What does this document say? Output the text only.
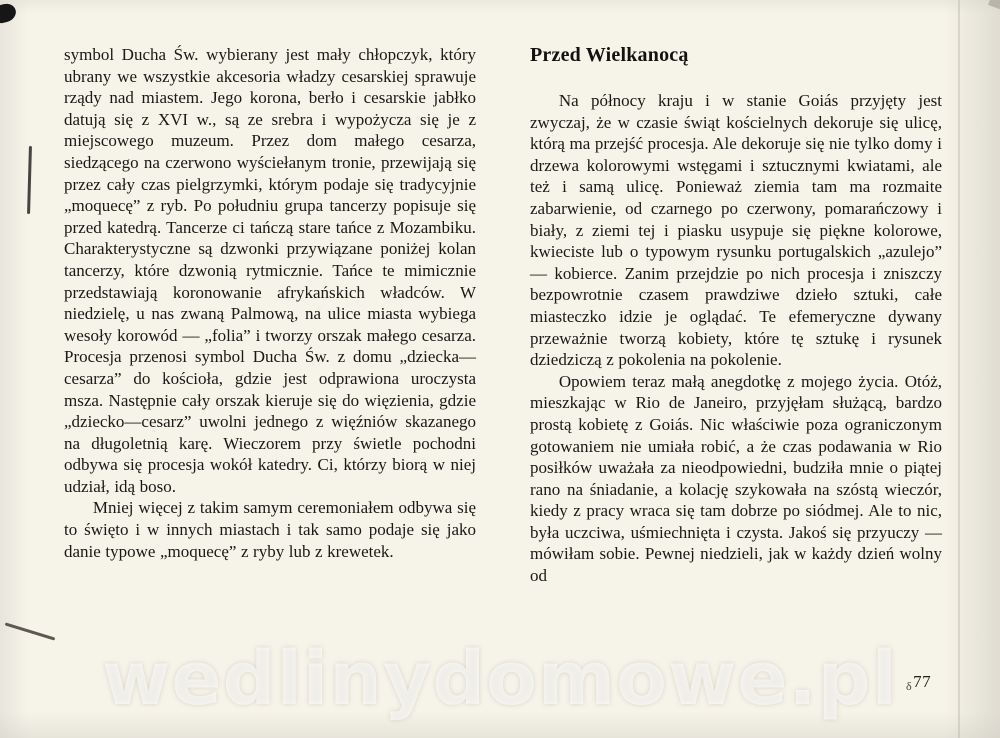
symbol Ducha Św. wybierany jest mały chłopczyk, który ubrany we wszystkie akcesoria władzy cesarskiej sprawuje rządy nad miastem. Jego korona, berło i cesarskie jabłko datują się z XVI w., są ze srebra i wypożycza się je z miejscowego muzeum. Przez dom małego cesarza, siedzącego na czerwono wyściełanym tronie, przewijają się przez cały czas pielgrzymki, którym podaje się tradycyjnie „moquecę” z ryb. Po południu grupa tancerzy popisuje się przed katedrą. Tancerze ci tańczą stare tańce z Mozambiku. Charakterystyczne są dzwonki przywiązane poniżej kolan tancerzy, które dzwonią rytmicznie. Tańce te mimicznie przedstawiają koronowanie afrykańskich władców. W niedzielę, u nas zwaną Palmową, na ulice miasta wybiega wesoły korowód — „folia” i tworzy orszak małego cesarza. Procesja przenosi symbol Ducha Św. z domu „dziecka—cesarza” do kościoła, gdzie jest odprawiona uroczysta msza. Następnie cały orszak kieruje się do więzienia, gdzie „dziecko—cesarz” uwolni jednego z więźniów skazanego na długoletnią karę. Wieczorem przy świetle pochodni odbywa się procesja wokół katedry. Ci, którzy biorą w niej udział, idą boso.

Mniej więcej z takim samym ceremoniałem odbywa się to święto i w innych miastach i tak samo podaje się jako danie typowe „moquecę” z ryby lub z krewetek.

Przed Wielkanocą

Na północy kraju i w stanie Goiás przyjęty jest zwyczaj, że w czasie świąt kościelnych dekoruje się ulicę, którą ma przejść procesja. Ale dekoruje się nie tylko domy i drzewa kolorowymi wstęgami i sztucznymi kwiatami, ale też i samą ulicę. Ponieważ ziemia tam ma rozmaite zabarwienie, od czarnego po czerwony, pomarańczowy i biały, z ziemi tej i piasku usypuje się piękne kolorowe, kwieciste lub o typowym rysunku portugalskich „azulejo” — kobierce. Zanim przejdzie po nich procesja i zniszczy bezpowrotnie czasem prawdziwe dzieło sztuki, całe miasteczko idzie je oglądać. Te efemeryczne dywany przeważnie tworzą kobiety, które tę sztukę i rysunek dziedziczą z pokolenia na pokolenie.

Opowiem teraz małą anegdotkę z mojego życia. Otóż, mieszkając w Rio de Janeiro, przyjęłam służącą, bardzo prostą kobietę z Goiás. Nic właściwie poza ograniczonym gotowaniem nie umiała robić, a że czas podawania w Rio posiłków uważała za nieodpowiedni, budziła mnie o piątej rano na śniadanie, a kolację szykowała na szóstą wieczór, kiedy z pracy wraca się tam dobrze po siódmej. Ale to nic, była uczciwa, uśmiechnięta i czysta. Jakoś się przyuczy — mówiłam sobie. Pewnej niedzieli, jak w każdy dzień wolny od

δ77
wedlinydomowe.pl
